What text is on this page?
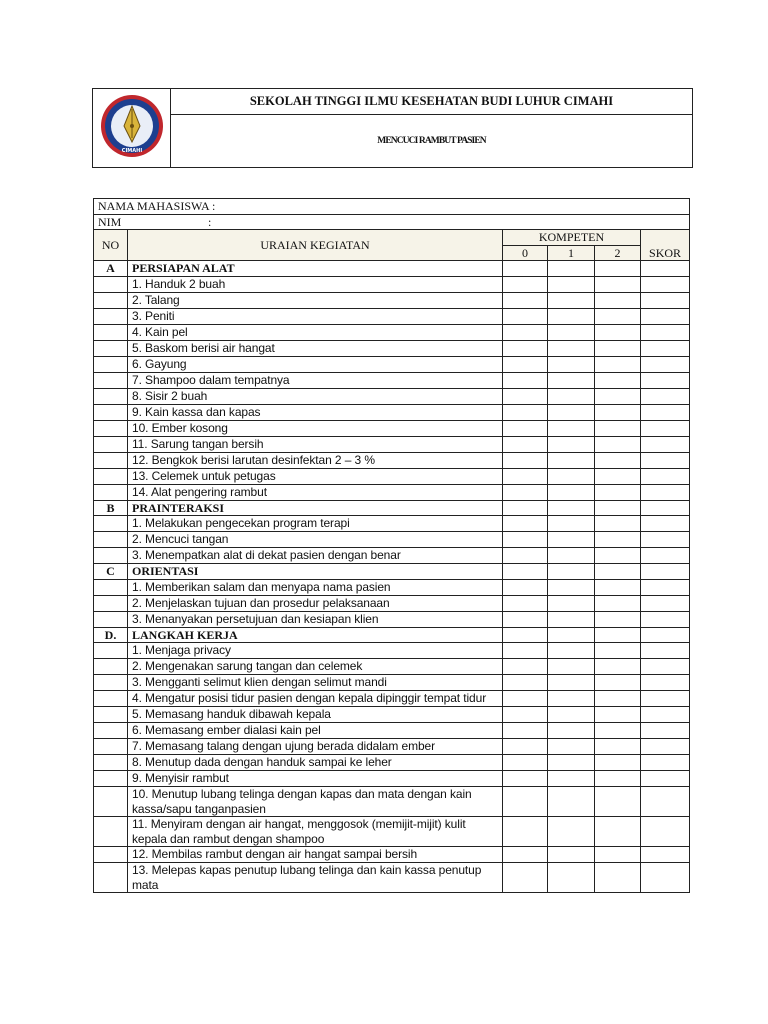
CIMAHI
	SEKOLAH TINGGI ILMU KESEHATAN BUDI LUHUR CIMAHI
MENCUCI RAMBUT PASIEN
NAMA MAHASISWA :					
NIM :					
NO	URAIAN KEGIATAN	KOMPETEN			SKOR
		0	1	2	
A	PERSIAPAN ALAT				
	1. Handuk 2 buah				
	2. Talang				
	3. Peniti				
	4. Kain pel				
	5. Baskom berisi air hangat				
	6. Gayung				
	7. Shampoo dalam tempatnya				
	8. Sisir 2 buah				
	9. Kain kassa dan kapas				
	10. Ember kosong				
	11. Sarung tangan bersih				
	12. Bengkok berisi larutan desinfektan 2 – 3 %				
	13. Celemek untuk petugas				
	14. Alat pengering rambut				
B	PRAINTERAKSI				
	1. Melakukan pengecekan program terapi				
	2. Mencuci tangan				
	3. Menempatkan alat di dekat pasien dengan benar				
C	ORIENTASI				
	1. Memberikan salam dan menyapa nama pasien				
	2. Menjelaskan tujuan dan prosedur pelaksanaan				
	3. Menanyakan persetujuan dan kesiapan klien				
D.	LANGKAH KERJA				
	1. Menjaga privacy				
	2. Mengenakan sarung tangan dan celemek				
	3. Mengganti selimut klien dengan selimut mandi				
	4. Mengatur posisi tidur pasien dengan kepala dipinggir tempat tidur				
	5. Memasang handuk dibawah kepala				
	6. Memasang ember dialasi kain pel				
	7. Memasang talang dengan ujung berada didalam ember				
	8. Menutup dada dengan handuk sampai ke leher				
	9. Menyisir rambut				
	10. Menutup lubang telinga dengan kapas dan mata dengan kain kassa/sapu tanganpasien				
	11. Menyiram dengan air hangat, menggosok (memijit-mijit) kulit kepala dan rambut dengan shampoo				
	12. Membilas rambut dengan air hangat sampai bersih				
	13. Melepas kapas penutup lubang telinga dan kain kassa penutup mata				
